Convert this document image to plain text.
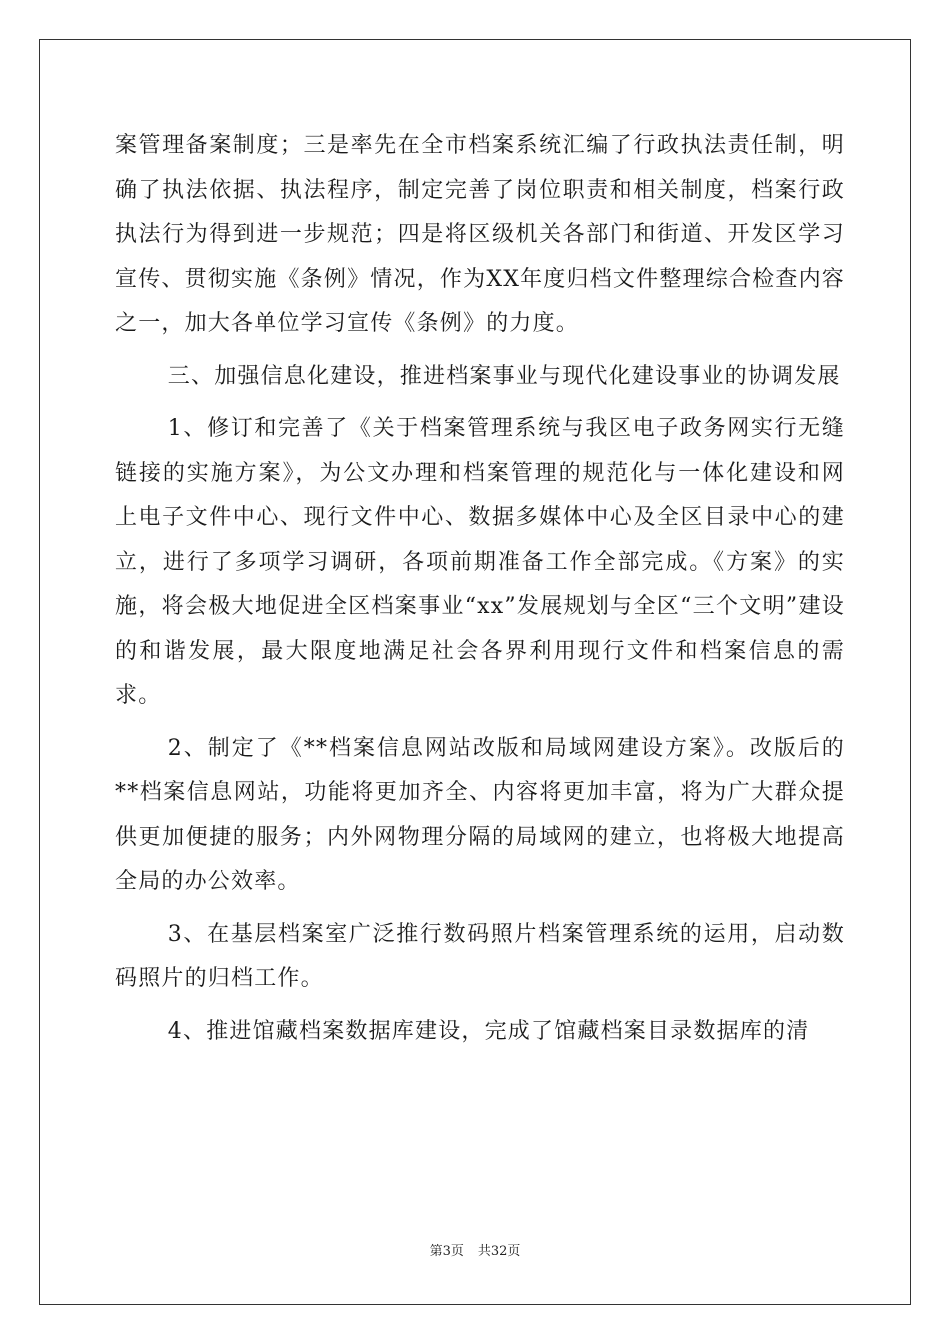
案管理备案制度；三是率先在全市档案系统汇编了行政执法责任制，明确了执法依据、执法程序，制定完善了岗位职责和相关制度，档案行政执法行为得到进一步规范；四是将区级机关各部门和街道、开发区学习宣传、贯彻实施《条例》情况，作为XX年度归档文件整理综合检查内容之一，加大各单位学习宣传《条例》的力度。

三、加强信息化建设，推进档案事业与现代化建设事业的协调发展

1、修订和完善了《关于档案管理系统与我区电子政务网实行无缝链接的实施方案》，为公文办理和档案管理的规范化与一体化建设和网上电子文件中心、现行文件中心、数据多媒体中心及全区目录中心的建立，进行了多项学习调研，各项前期准备工作全部完成。《方案》的实施，将会极大地促进全区档案事业“xx”发展规划与全区“三个文明”建设的和谐发展，最大限度地满足社会各界利用现行文件和档案信息的需求。

2、制定了《**档案信息网站改版和局域网建设方案》。改版后的**档案信息网站，功能将更加齐全、内容将更加丰富，将为广大群众提供更加便捷的服务；内外网物理分隔的局域网的建立，也将极大地提高全局的办公效率。

3、在基层档案室广泛推行数码照片档案管理系统的运用，启动数码照片的归档工作。

4、推进馆藏档案数据库建设，完成了馆藏档案目录数据库的清

第3页 共32页
